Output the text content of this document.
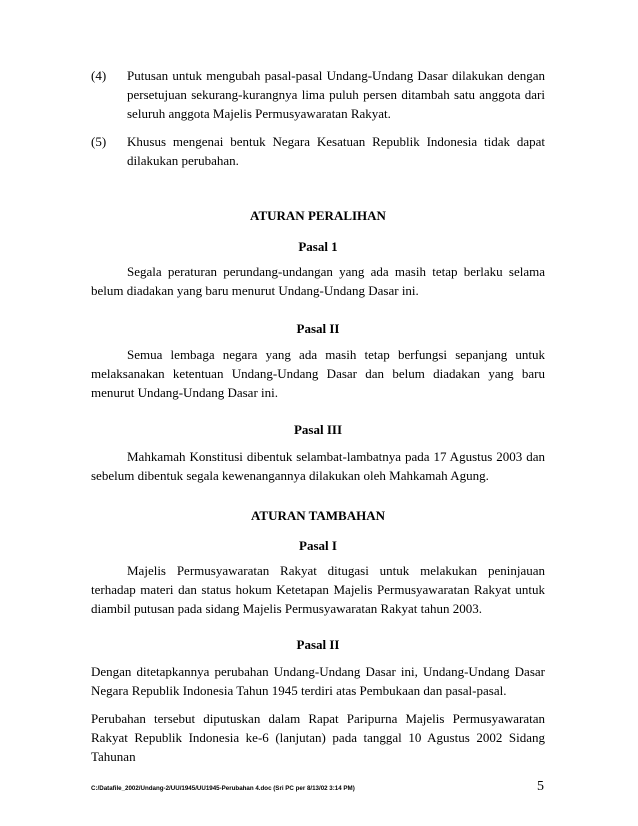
(4) Putusan untuk mengubah pasal-pasal Undang-Undang Dasar dilakukan dengan persetujuan sekurang-kurangnya lima puluh persen ditambah satu anggota dari seluruh anggota Majelis Permusyawaratan Rakyat.
(5) Khusus mengenai bentuk Negara Kesatuan Republik Indonesia tidak dapat dilakukan perubahan.
ATURAN PERALIHAN
Pasal 1
Segala peraturan perundang-undangan yang ada masih tetap berlaku selama belum diadakan yang baru menurut Undang-Undang Dasar ini.
Pasal II
Semua lembaga negara yang ada masih tetap berfungsi sepanjang untuk melaksanakan ketentuan Undang-Undang Dasar dan belum diadakan yang baru menurut Undang-Undang Dasar ini.
Pasal III
Mahkamah Konstitusi dibentuk selambat-lambatnya pada 17 Agustus 2003 dan sebelum dibentuk segala kewenangannya dilakukan oleh Mahkamah Agung.
ATURAN TAMBAHAN
Pasal I
Majelis Permusyawaratan Rakyat ditugasi untuk melakukan peninjauan terhadap materi dan status hokum Ketetapan Majelis Permusyawaratan Rakyat untuk diambil putusan pada sidang Majelis Permusyawaratan Rakyat tahun 2003.
Pasal II
Dengan ditetapkannya perubahan Undang-Undang Dasar ini, Undang-Undang Dasar Negara Republik Indonesia Tahun 1945 terdiri atas Pembukaan dan pasal-pasal.
Perubahan tersebut diputuskan dalam Rapat Paripurna Majelis Permusyawaratan Rakyat Republik Indonesia ke-6 (lanjutan) pada tanggal 10 Agustus 2002 Sidang Tahunan
C:/Datafile_2002/Undang-2/UU/1945/UU1945-Perubahan 4.doc (Sri PC per 8/13/02 3:14 PM)	5
